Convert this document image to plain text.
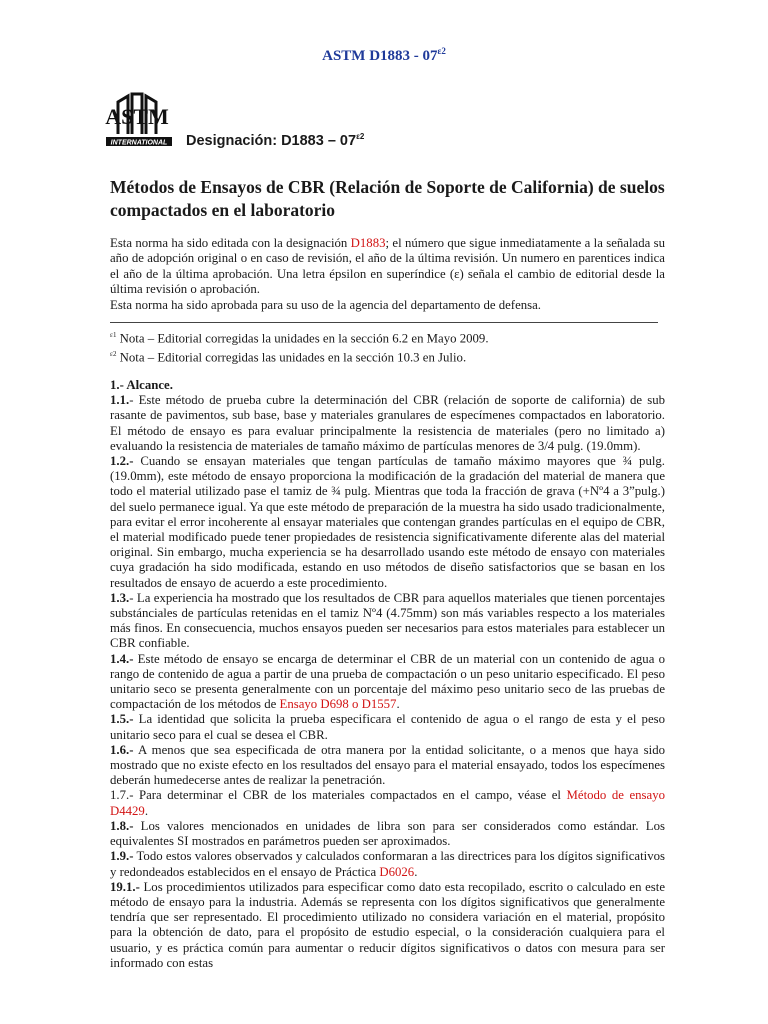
ASTM $D1883 - 07^{\varepsilon 2}$
ASTM
INTERNATIONAL Designación: $D1883 - 07^{\varepsilon 2}$
Métodos de Ensayos de CBR (Relación de Soporte de California) de suelos compactados en el laboratorio

Esta norma ha sido editada con la designación D1883; el número que sigue inmediatamente a la señalada su año de adopción original o en caso de revisión, el año de la última revisión. Un numero en parentices indica el año de la última aprobación. Una letra épsilon en superíndice (ε) señala el cambio de editorial desde la última revisión o aprobación.

Esta norma ha sido aprobada para su uso de la agencia del departamento de defensa.

$^{\varepsilon 1}$ Nota – Editorial corregidas la unidades en la sección 6.2 en Mayo 2009.

$^{\varepsilon 2}$ Nota – Editorial corregidas las unidades en la sección 10.3 en Julio.

1.- Alcance.

1.1.- Este método de prueba cubre la determinación del CBR (relación de soporte de california) de sub rasante de pavimentos, sub base, base y materiales granulares de especímenes compactados en laboratorio. El método de ensayo es para evaluar principalmente la resistencia de materiales (pero no limitado a) evaluando la resistencia de materiales de tamaño máximo de partículas menores de 3/4 pulg. (19.0mm).

1.2.- Cuando se ensayan materiales que tengan partículas de tamaño máximo mayores que ¾ pulg. (19.0mm), este método de ensayo proporciona la modificación de la gradación del material de manera que todo el material utilizado pase el tamiz de ¾ pulg. Mientras que toda la fracción de grava (+Nº4 a 3”pulg.) del suelo permanece igual. Ya que este método de preparación de la muestra ha sido usado tradicionalmente, para evitar el error incoherente al ensayar materiales que contengan grandes partículas en el equipo de CBR, el material modificado puede tener propiedades de resistencia significativamente diferente alas del material original. Sin embargo, mucha experiencia se ha desarrollado usando este método de ensayo con materiales cuya gradación ha sido modificada, estando en uso métodos de diseño satisfactorios que se basan en los resultados de ensayo de acuerdo a este procedimiento.

1.3.- La experiencia ha mostrado que los resultados de CBR para aquellos materiales que tienen porcentajes substánciales de partículas retenidas en el tamiz Nº4 (4.75mm) son más variables respecto a los materiales más finos. En consecuencia, muchos ensayos pueden ser necesarios para estos materiales para establecer un CBR confiable.

1.4.- Este método de ensayo se encarga de determinar el CBR de un material con un contenido de agua o rango de contenido de agua a partir de una prueba de compactación o un peso unitario especificado. El peso unitario seco se presenta generalmente con un porcentaje del máximo peso unitario seco de las pruebas de compactación de los métodos de Ensayo D698 o D1557.

1.5.- La identidad que solicita la prueba especificara el contenido de agua o el rango de esta y el peso unitario seco para el cual se desea el CBR.

1.6.- A menos que sea especificada de otra manera por la entidad solicitante, o a menos que haya sido mostrado que no existe efecto en los resultados del ensayo para el material ensayado, todos los especímenes deberán humedecerse antes de realizar la penetración.

1.7.- Para determinar el CBR de los materiales compactados en el campo, véase el Método de ensayo D4429.

1.8.- Los valores mencionados en unidades de libra son para ser considerados como estándar. Los equivalentes SI mostrados en parámetros pueden ser aproximados.

1.9.- Todo estos valores observados y calculados conformaran a las directrices para los dígitos significativos y redondeados establecidos en el ensayo de Práctica D6026.

19.1.- Los procedimientos utilizados para especificar como dato esta recopilado, escrito o calculado en este método de ensayo para la industria. Además se representa con los dígitos significativos que generalmente tendría que ser representado. El procedimiento utilizado no considera variación en el material, propósito para la obtención de dato, para el propósito de estudio especial, o la consideración cualquiera para el usuario, y es práctica común para aumentar o reducir dígitos significativos o datos con mesura para ser informado con estas
